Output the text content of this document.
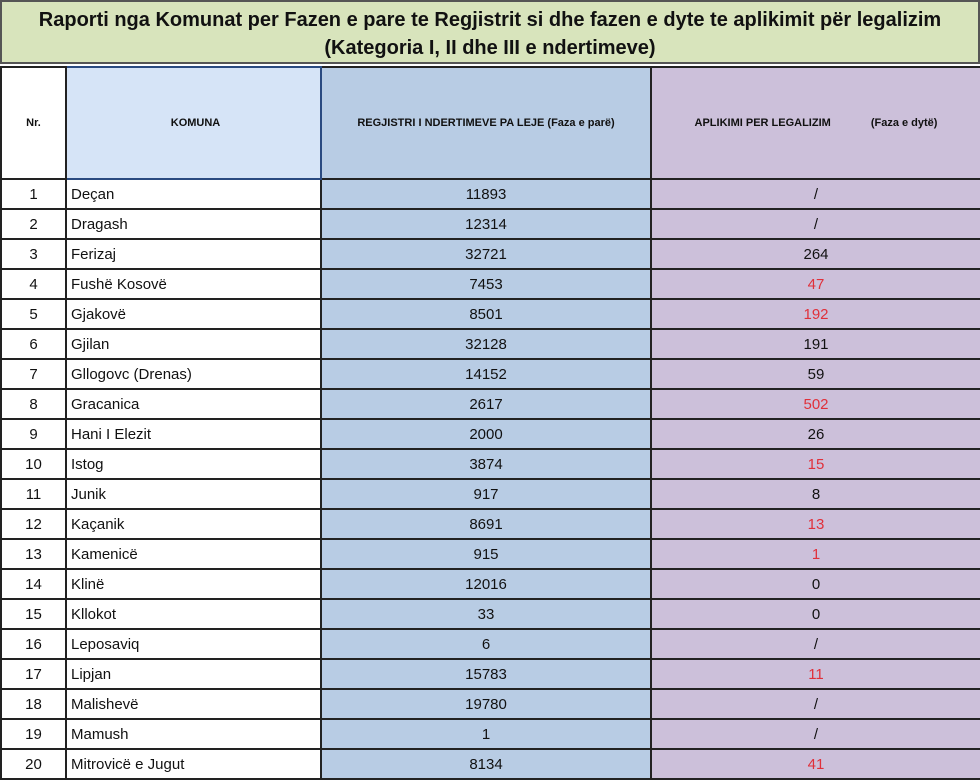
Raporti nga Komunat per Fazen e pare te Regjistrit si dhe fazen e dyte te aplikimit për legalizim (Kategoria I, II dhe III e ndertimeve)
Nr.	KOMUNA	REGJISTRI I NDERTIMEVE PA LEJE (Faza e parë)	APLIKIMI PER LEGALIZIM (Faza e dytë)
1	Deçan	11893	/
2	Dragash	12314	/
3	Ferizaj	32721	264
4	Fushë Kosovë	7453	47
5	Gjakovë	8501	192
6	Gjilan	32128	191
7	Gllogovc (Drenas)	14152	59
8	Gracanica	2617	502
9	Hani I Elezit	2000	26
10	Istog	3874	15
11	Junik	917	8
12	Kaçanik	8691	13
13	Kamenicë	915	1
14	Klinë	12016	0
15	Kllokot	33	0
16	Leposaviq	6	/
17	Lipjan	15783	11
18	Malishevë	19780	/
19	Mamush	1	/
20	Mitrovicë e Jugut	8134	41
